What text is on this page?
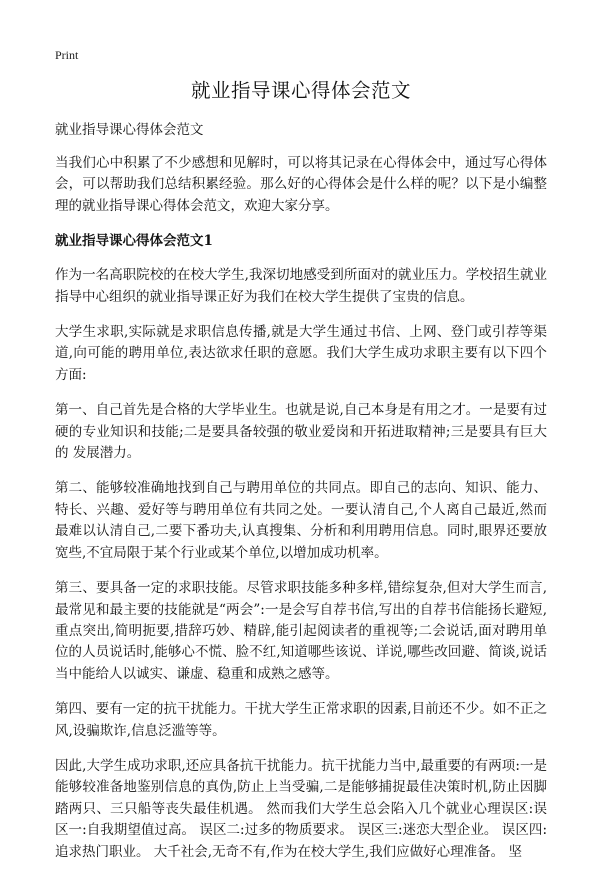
Print
就业指导课心得体会范文
就业指导课心得体会范文

当我们心中积累了不少感想和见解时，可以将其记录在心得体会中，通过写心得体会，可以帮助我们总结积累经验。那么好的心得体会是什么样的呢？以下是小编整理的就业指导课心得体会范文，欢迎大家分享。

就业指导课心得体会范文1

作为一名高职院校的在校大学生,我深切地感受到所面对的就业压力。学校招生就业指导中心组织的就业指导课正好为我们在校大学生提供了宝贵的信息。

大学生求职,实际就是求职信息传播,就是大学生通过书信、上网、登门或引荐等渠道,向可能的聘用单位,表达欲求任职的意愿。我们大学生成功求职主要有以下四个方面:

第一、自己首先是合格的大学毕业生。也就是说,自己本身是有用之才。一是要有过硬的专业知识和技能;二是要具备较强的敬业爱岗和开拓进取精神;三是要具有巨大的 发展潜力。

第二、能够较准确地找到自己与聘用单位的共同点。即自己的志向、知识、能力、特长、兴趣、爱好等与聘用单位有共同之处。一要认清自己,个人离自己最近,然而最难以认清自己,二要下番功夫,认真搜集、分析和利用聘用信息。同时,眼界还要放宽些,不宜局限于某个行业或某个单位,以增加成功机率。

第三、要具备一定的求职技能。尽管求职技能多种多样,错综复杂,但对大学生而言,最常见和最主要的技能就是“两会”:一是会写自荐书信,写出的自荐书信能扬长避短,重点突出,简明扼要,措辞巧妙、精辟,能引起阅读者的重视等;二会说话,面对聘用单位的人员说话时,能够心不慌、脸不红,知道哪些该说、详说,哪些改回避、简谈,说话当中能给人以诚实、谦虚、稳重和成熟之感等。

第四、要有一定的抗干扰能力。干扰大学生正常求职的因素,目前还不少。如不正之风,设骗欺诈,信息泛滥等等。

因此,大学生成功求职,还应具备抗干扰能力。抗干扰能力当中,最重要的有两项:一是能够较准备地鉴别信息的真伪,防止上当受骗,二是能够捕捉最佳决策时机,防止因脚踏两只、三只船等丧失最佳机遇。 然而我们大学生总会陷入几个就业心理误区:误区一:自我期望值过高。 误区二:过多的物质要求。 误区三:迷恋大型企业。 误区四:追求热门职业。 大千社会,无奇不有,作为在校大学生,我们应做好心理准备。 坚
